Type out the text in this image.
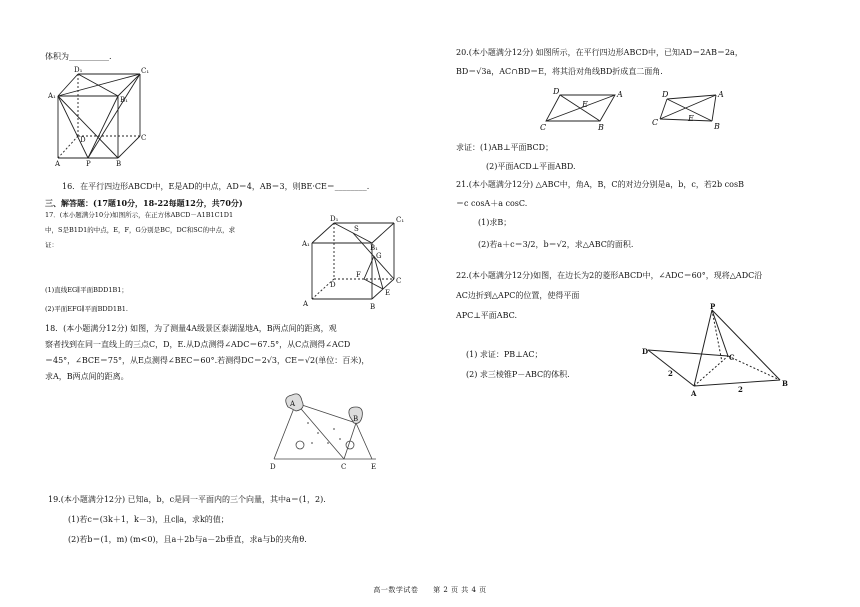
体积为__________.
A₁
D₁	C₁
B₁
D	C
A	P	B
16．在平行四边形ABCD中，E是AD的中点，AD＝4，AB＝3，则BE·CE＝________.
三、解答题：(17题10分，18-22每题12分，共70分)
17．(本小题满分10分)如图所示，在正方体ABCD－A1B1C1D1
中，S是B1D1的中点，E，F，G分别是BC，DC和SC的中点，求
证：
(1)直线EG∥平面BDD1B1；
(2)平面EFG∥平面BDD1B1.
D₁
S
C₁
B₁
A₁
G
F
D	C
E
A	B
18．(本小题满分12分) 如图，为了测量4A级景区泰湖湿地A，B两点间的距离，观
察者找到在同一直线上的三点C，D，E.从D点测得∠ADC＝67.5°，从C点测得∠ACD
＝45°，∠BCE＝75°，从E点测得∠BEC＝60°.若测得DC＝2√3，CE＝√2(单位：百米)，
求A，B两点间的距离。
A
B
D	C	E
19.(本小题满分12分) 已知a，b，c是同一平面内的三个向量，其中a＝(1，2).
(1)若c＝(3k＋1，k－3)，且c∥a，求k的值；
(2)若b＝(1，m) (m<0)，且a＋2b与a－2b垂直，求a与b的夹角θ.
20.(本小题满分12分) 如图所示，在平行四边形ABCD中，已知AD＝2AB＝2a，
BD＝√3a，AC∩BD＝E，将其沿对角线BD折成直二面角.
D
E
A
C	B
D	A
E
C	B
求证：(1)AB⊥平面BCD；
(2)平面ACD⊥平面ABD.
21.(本小题满分12分) △ABC中，角A，B，C的对边分别是a，b，c，若2b cosB
＝c cosA＋a cosC.
(1)求B；
(2)若a＋c＝3/2，b＝√2，求△ABC的面积.
22.(本小题满分12分)如图，在边长为2的菱形ABCD中，∠ADC＝60°，现将△ADC沿
AC边折到△APC的位置，使得平面
APC⊥平面ABC.
(1) 求证：PB⊥AC；
(2) 求三棱锥P－ABC的体积.
P
D
C
A
B
2
2
高一数学试卷 第 2 页 共 4 页
